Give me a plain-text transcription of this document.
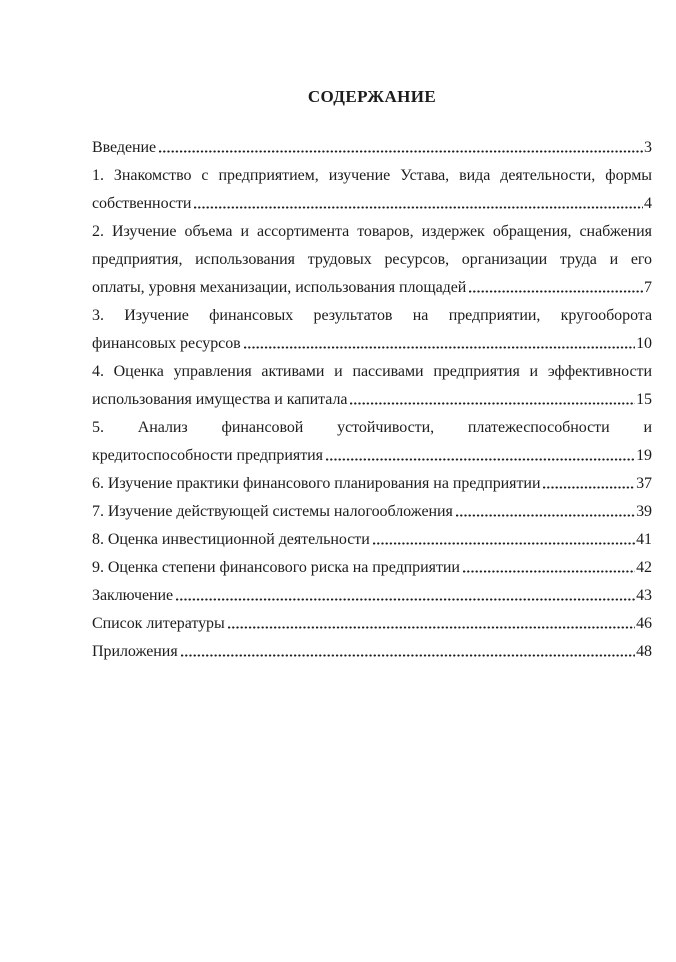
СОДЕРЖАНИЕ
Введение	3
1. Знакомство с предприятием, изучение Устава, вида деятельности, формы
собственности	4
2. Изучение объема и ассортимента товаров, издержек обращения, снабжения
предприятия, использования трудовых ресурсов, организации труда и его
оплаты, уровня механизации, использования площадей	7
3. Изучение финансовых результатов на предприятии, кругооборота
финансовых ресурсов	10
4. Оценка управления активами и пассивами предприятия и эффективности
использования имущества и капитала	15
5. Анализ финансовой устойчивости, платежеспособности и
кредитоспособности предприятия	19
6. Изучение практики финансового планирования на предприятии	37
7. Изучение действующей системы налогообложения	39
8. Оценка инвестиционной деятельности	41
9. Оценка степени финансового риска на предприятии	42
Заключение	43
Список литературы	46
Приложения	48
